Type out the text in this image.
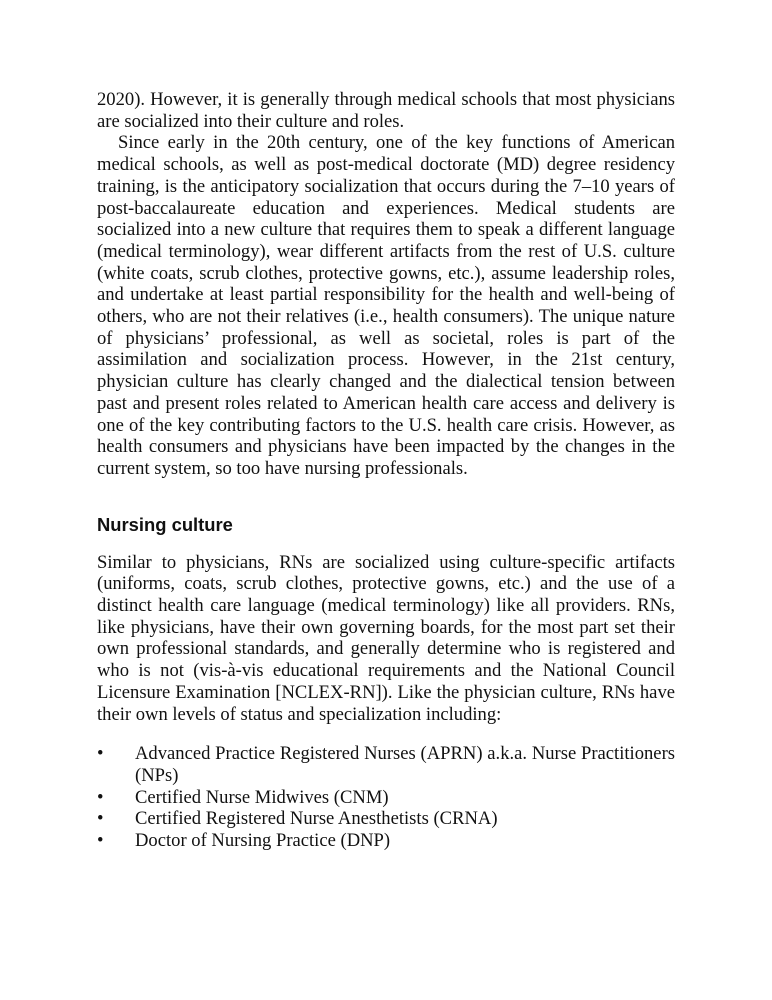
2020). However, it is generally through medical schools that most physicians are socialized into their culture and roles.

Since early in the 20th century, one of the key functions of American medical schools, as well as post-medical doctorate (MD) degree residency training, is the anticipatory socialization that occurs during the 7–10 years of post-baccalaureate education and experiences. Medical students are socialized into a new culture that requires them to speak a different language (medical terminology), wear different artifacts from the rest of U.S. culture (white coats, scrub clothes, protective gowns, etc.), assume leadership roles, and undertake at least partial responsibility for the health and well-being of others, who are not their relatives (i.e., health consumers). The unique nature of physicians’ professional, as well as societal, roles is part of the assimilation and socialization process. However, in the 21st century, physician culture has clearly changed and the dialectical tension between past and present roles related to American health care access and delivery is one of the key contributing factors to the U.S. health care crisis. However, as health consumers and physicians have been impacted by the changes in the current system, so too have nursing professionals.

Nursing culture

Similar to physicians, RNs are socialized using culture-specific artifacts (uniforms, coats, scrub clothes, protective gowns, etc.) and the use of a distinct health care language (medical terminology) like all providers. RNs, like physicians, have their own governing boards, for the most part set their own professional standards, and generally determine who is registered and who is not (vis-à-vis educational requirements and the National Council Licensure Examination [NCLEX-RN]). Like the physician culture, RNs have their own levels of status and specialization including:

• Advanced Practice Registered Nurses (APRN) a.k.a. Nurse Practitioners (NPs)
• Certified Nurse Midwives (CNM)
• Certified Registered Nurse Anesthetists (CRNA)
• Doctor of Nursing Practice (DNP)
